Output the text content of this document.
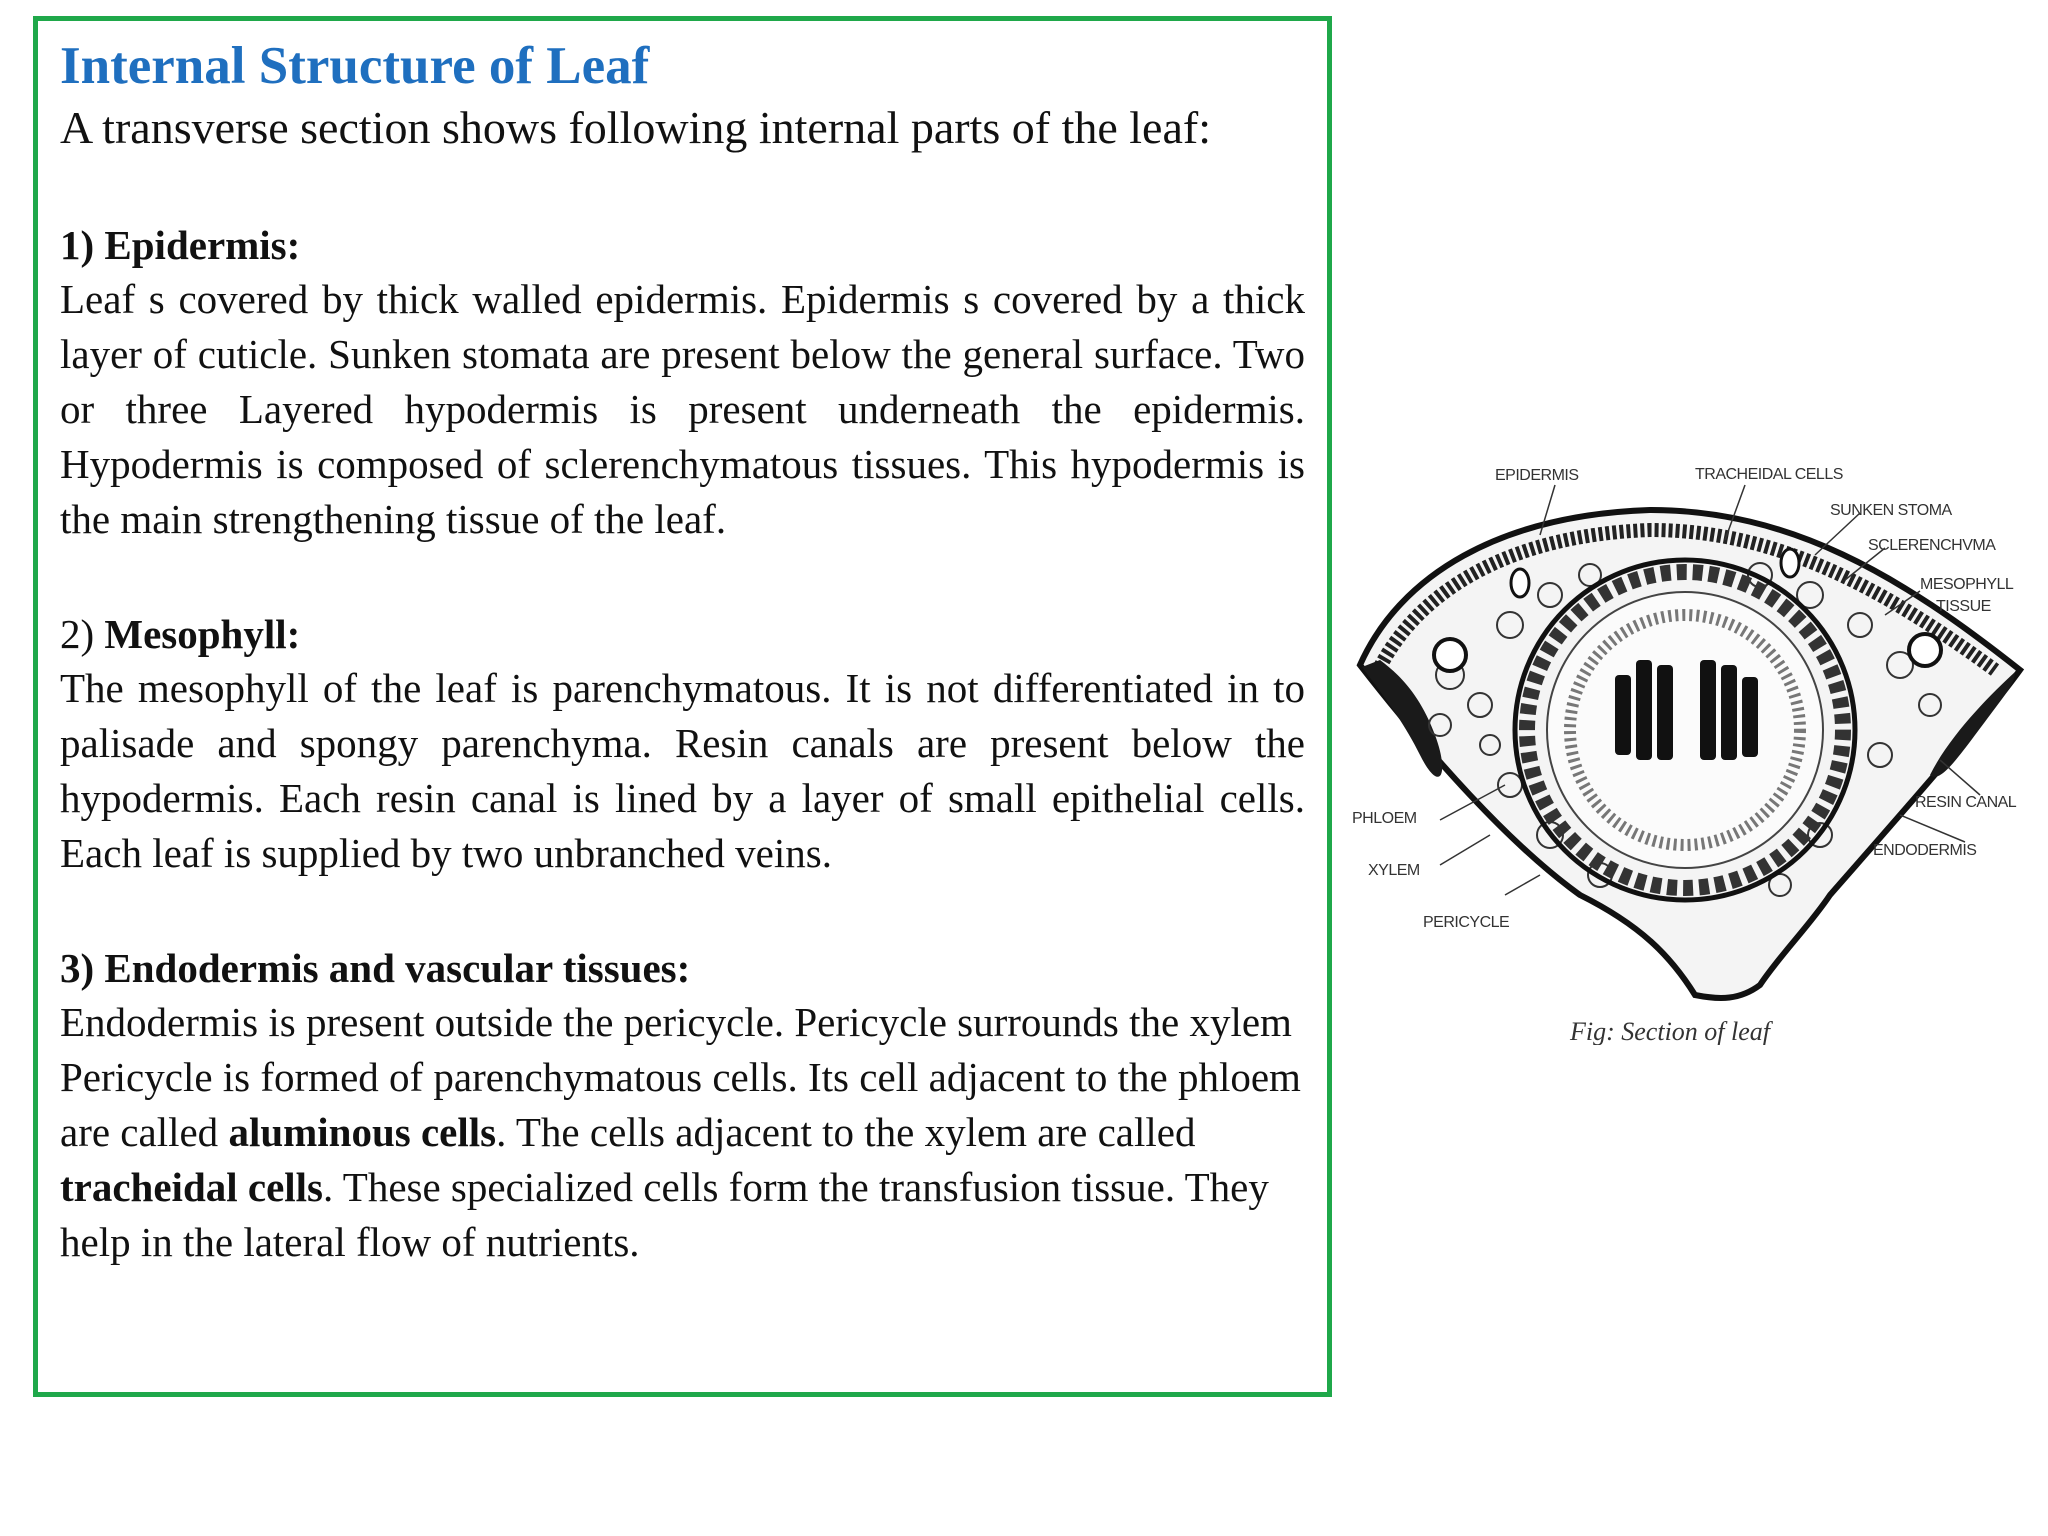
Internal Structure of Leaf

A transverse section shows following internal parts of the leaf:

1) Epidermis:

Leaf s covered by thick walled epidermis. Epidermis s covered by a thick layer of cuticle. Sunken stomata are present below the general surface. Two or three Layered hypodermis is present underneath the epidermis. Hypodermis is composed of sclerenchymatous tissues. This hypodermis is the main strengthening tissue of the leaf.

2) Mesophyll:

The mesophyll of the leaf is parenchymatous. It is not differentiated in to palisade and spongy parenchyma. Resin canals are present below the hypodermis. Each resin canal is lined by a layer of small epithelial cells. Each leaf is supplied by two unbranched veins.

3) Endodermis and vascular tissues:

Endodermis is present outside the pericycle. Pericycle surrounds the xylem Pericycle is formed of parenchymatous cells. Its cell adjacent to the phloem are called aluminous cells. The cells adjacent to the xylem are called tracheidal cells. These specialized cells form the transfusion tissue. They help in the lateral flow of nutrients.

EPIDERMIS	TRACHEIDAL CELLS
SUNKEN STOMA
SCLERENCHVMA
MESOPHYLL
TISSUE
RESIN CANAL
ENDODERMIS
PHLOEM
XYLEM
PERICYCLE
Fig: Section of leaf
